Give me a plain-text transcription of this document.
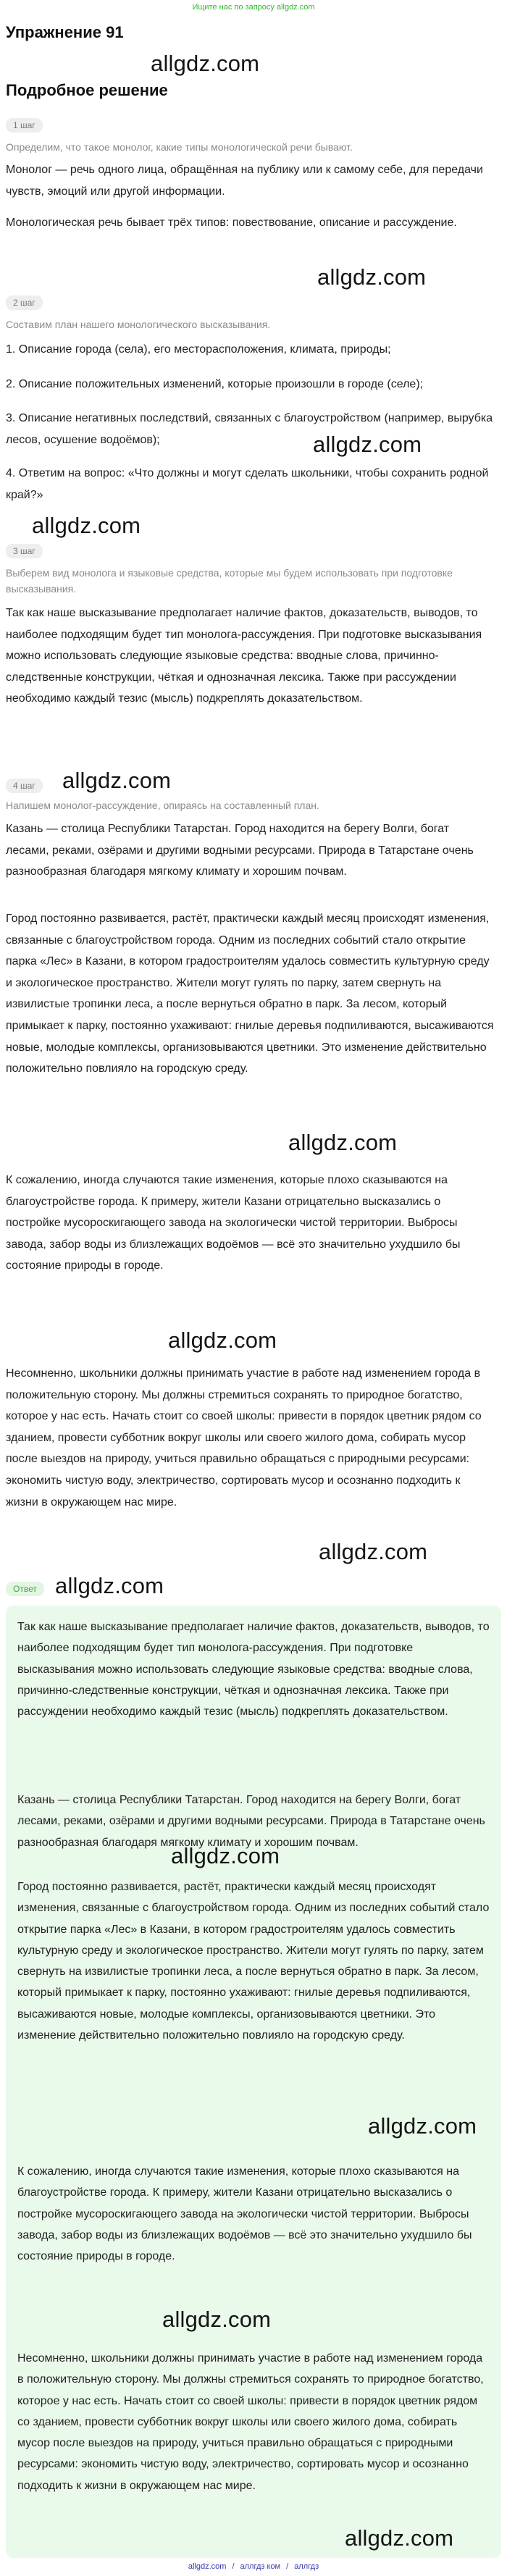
Ищите нас по запросу allgdz.com
Упражнение 91
allgdz.com
Подробное решение
1 шаг
Определим, что такое монолог, какие типы монологической речи бывают.
Монолог — речь одного лица, обращённая на публику или к самому себе, для передачи чувств, эмоций или другой информации.
Монологическая речь бывает трёх типов: повествование, описание и рассуждение.
allgdz.com
2 шаг
Составим план нашего монологического высказывания.
1. Описание города (села), его месторасположения, климата, природы;
2. Описание положительных изменений, которые произошли в городе (селе);
3. Описание негативных последствий, связанных с благоустройством (например, вырубка лесов, осушение водоёмов);	allgdz.com
4. Ответим на вопрос: «Что должны и могут сделать школьники, чтобы сохранить родной край?»
allgdz.com
3 шаг
Выберем вид монолога и языковые средства, которые мы будем использовать при подготовке высказывания.
Так как наше высказывание предполагает наличие фактов, доказательств, выводов, то наиболее подходящим будет тип монолога-рассуждения. При подготовке высказывания можно использовать следующие языковые средства: вводные слова, причинно-следственные конструкции, чёткая и однозначная лексика. Также при рассуждении необходимо каждый тезис (мысль) подкреплять доказательством.
4 шаг	allgdz.com
Напишем монолог-рассуждение, опираясь на составленный план.
Казань — столица Республики Татарстан. Город находится на берегу Волги, богат лесами, реками, озёрами и другими водными ресурсами. Природа в Татарстане очень разнообразная благодаря мягкому климату и хорошим почвам.
Город постоянно развивается, растёт, практически каждый месяц происходят изменения, связанные с благоустройством города. Одним из последних событий стало открытие парка «Лес» в Казани, в котором градостроителям удалось совместить культурную среду и экологическое пространство. Жители могут гулять по парку, затем свернуть на извилистые тропинки леса, а после вернуться обратно в парк. За лесом, который примыкает к парку, постоянно ухаживают: гнилые деревья подпиливаются, высаживаются новые, молодые комплексы, организовываются цветники. Это изменение действительно положительно повлияло на городскую среду.
allgdz.com
К сожалению, иногда случаются такие изменения, которые плохо сказываются на благоустройстве города. К примеру, жители Казани отрицательно высказались о постройке мусороскигающего завода на экологически чистой территории. Выбросы завода, забор воды из близлежащих водоёмов — всё это значительно ухудшило бы состояние природы в городе.
allgdz.com
Несомненно, школьники должны принимать участие в работе над изменением города в положительную сторону. Мы должны стремиться сохранять то природное богатство, которое у нас есть. Начать стоит со своей школы: привести в порядок цветник рядом со зданием, провести субботник вокруг школы или своего жилого дома, собирать мусор после выездов на природу, учиться правильно обращаться с природными ресурсами: экономить чистую воду, электричество, сортировать мусор и осознанно подходить к жизни в окружающем нас мире.
allgdz.com
Ответ allgdz.com
Так как наше высказывание предполагает наличие фактов, доказательств, выводов, то наиболее подходящим будет тип монолога-рассуждения. При подготовке высказывания можно использовать следующие языковые средства: вводные слова, причинно-следственные конструкции, чёткая и однозначная лексика. Также при рассуждении необходимо каждый тезис (мысль) подкреплять доказательством.
Казань — столица Республики Татарстан. Город находится на берегу Волги, богат лесами, реками, озёрами и другими водными ресурсами. Природа в Татарстане очень разнообразная благодаря мягкому климату и хорошим почвам.
allgdz.com
Город постоянно развивается, растёт, практически каждый месяц происходят изменения, связанные с благоустройством города. Одним из последних событий стало открытие парка «Лес» в Казани, в котором градостроителям удалось совместить культурную среду и экологическое пространство. Жители могут гулять по парку, затем свернуть на извилистые тропинки леса, а после вернуться обратно в парк. За лесом, который примыкает к парку, постоянно ухаживают: гнилые деревья подпиливаются, высаживаются новые, молодые комплексы, организовываются цветники. Это изменение действительно положительно повлияло на городскую среду.
allgdz.com
К сожалению, иногда случаются такие изменения, которые плохо сказываются на благоустройстве города. К примеру, жители Казани отрицательно высказались о постройке мусороскигающего завода на экологически чистой территории. Выбросы завода, забор воды из близлежащих водоёмов — всё это значительно ухудшило бы состояние природы в городе.
allgdz.com
Несомненно, школьники должны принимать участие в работе над изменением города в положительную сторону. Мы должны стремиться сохранять то природное богатство, которое у нас есть. Начать стоит со своей школы: привести в порядок цветник рядом со зданием, провести субботник вокруг школы или своего жилого дома, собирать мусор после выездов на природу, учиться правильно обращаться с природными ресурсами: экономить чистую воду, электричество, сортировать мусор и осознанно подходить к жизни в окружающем нас мире.
allgdz.com
allgdz.com / аллгдз ком / аллгдз
